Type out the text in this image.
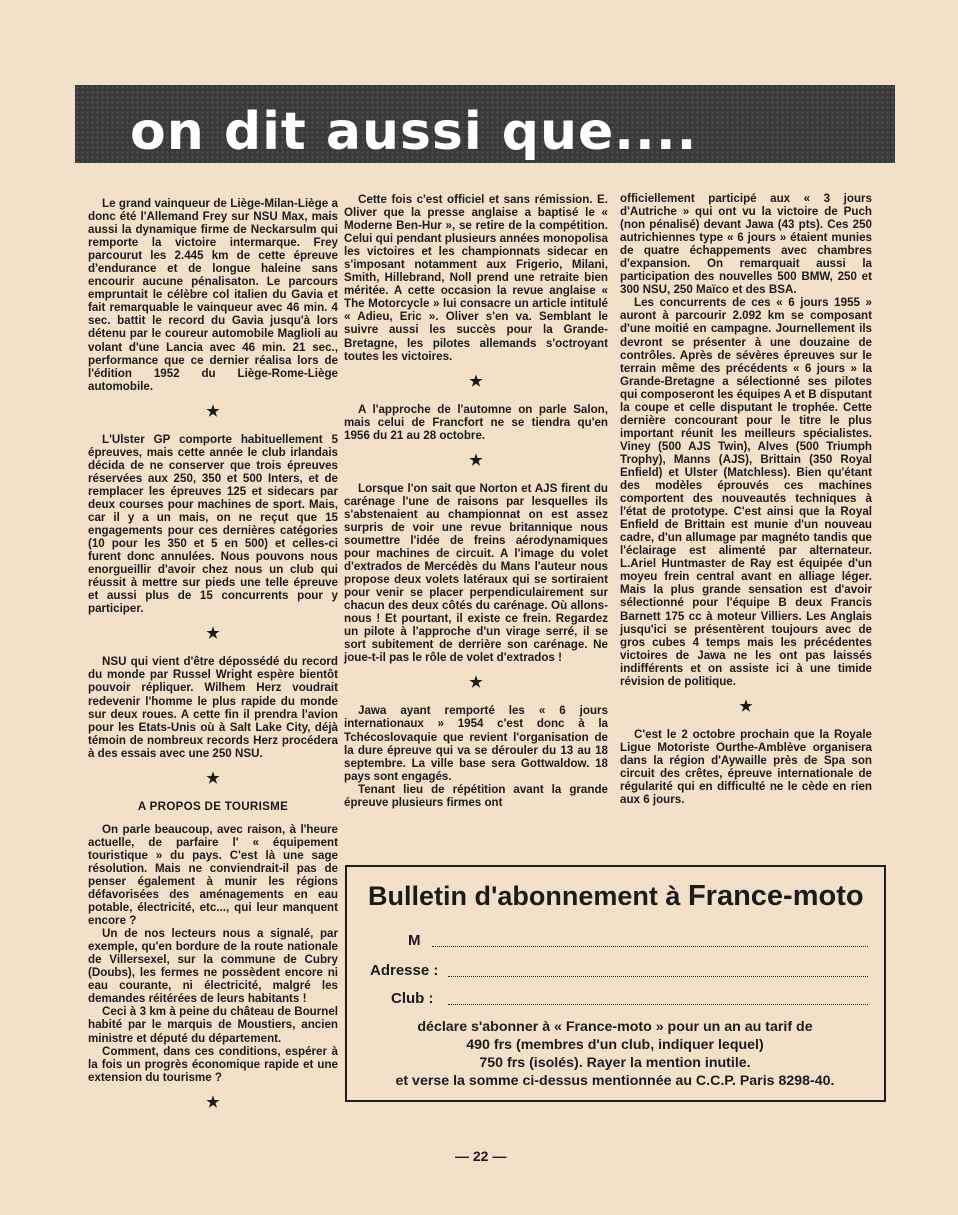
on dit aussi que....

Le grand vainqueur de Liège-Milan-Liège a donc été l'Allemand Frey sur NSU Max, mais aussi la dynamique firme de Neckarsulm qui remporte la victoire intermarque. Frey parcourut les 2.445 km de cette épreuve d'endurance et de longue haleine sans encourir aucune pénalisaton. Le parcours empruntait le célèbre col italien du Gavia et fait remarquable le vainqueur avec 46 min. 4 sec. battit le record du Gavia jusqu'à lors détenu par le coureur automobile Maglioli au volant d'une Lancia avec 46 min. 21 sec., performance que ce dernier réalisa lors de l'édition 1952 du Liège-Rome-Liège automobile.

★

L'Ulster GP comporte habituellement 5 épreuves, mais cette année le club irlandais décida de ne conserver que trois épreuves réservées aux 250, 350 et 500 Inters, et de remplacer les épreuves 125 et sidecars par deux courses pour machines de sport. Mais, car il y a un mais, on ne reçut que 15 engagements pour ces dernières catégories (10 pour les 350 et 5 en 500) et celles-ci furent donc annulées. Nous pouvons nous enorgueillir d'avoir chez nous un club qui réussit à mettre sur pieds une telle épreuve et aussi plus de 15 concurrents pour y participer.

★

NSU qui vient d'être dépossédé du record du monde par Russel Wright espère bientôt pouvoir répliquer. Wilhem Herz voudrait redevenir l'homme le plus rapide du monde sur deux roues. A cette fin il prendra l'avion pour les Etats-Unis où à Salt Lake City, déjà témoin de nombreux records Herz procédera à des essais avec une 250 NSU.

★
A PROPOS DE TOURISME

On parle beaucoup, avec raison, à l'heure actuelle, de parfaire l' « équipement touristique » du pays. C'est là une sage résolution. Mais ne conviendrait-il pas de penser également à munir les régions défavorisées des aménagements en eau potable, électricité, etc..., qui leur manquent encore ?

Un de nos lecteurs nous a signalé, par exemple, qu'en bordure de la route nationale de Villersexel, sur la commune de Cubry (Doubs), les fermes ne possèdent encore ni eau courante, ni électricité, malgré les demandes réitérées de leurs habitants !

Ceci à 3 km à peine du château de Bournel habité par le marquis de Moustiers, ancien ministre et député du département.

Comment, dans ces conditions, espérer à la fois un progrès économique rapide et une extension du tourisme ?

★

Cette fois c'est officiel et sans rémission. E. Oliver que la presse anglaise a baptisé le « Moderne Ben-Hur », se retire de la compétition. Celui qui pendant plusieurs années monopolisa les victoires et les championnats sidecar en s'imposant notamment aux Frigerio, Milani, Smith, Hillebrand, Noll prend une retraite bien méritée. A cette occasion la revue anglaise « The Motorcycle » lui consacre un article intitulé « Adieu, Eric ». Oliver s'en va. Semblant le suivre aussi les succès pour la Grande-Bretagne, les pilotes allemands s'octroyant toutes les victoires.

★

A l'approche de l'automne on parle Salon, mais celui de Francfort ne se tiendra qu'en 1956 du 21 au 28 octobre.

★

Lorsque l'on sait que Norton et AJS firent du carénage l'une de raisons par lesquelles ils s'abstenaient au championnat on est assez surpris de voir une revue britannique nous soumettre l'idée de freins aérodynamiques pour machines de circuit. A l'image du volet d'extrados de Mercédès du Mans l'auteur nous propose deux volets latéraux qui se sortiraient pour venir se placer perpendiculairement sur chacun des deux côtés du carénage. Où allons-nous ! Et pourtant, il existe ce frein. Regardez un pilote à l'approche d'un virage serré, il se sort subitement de derrière son carénage. Ne joue-t-il pas le rôle de volet d'extrados !

★

Jawa ayant remporté les « 6 jours internationaux » 1954 c'est donc à la Tchécoslovaquie que revient l'organisation de la dure épreuve qui va se dérouler du 13 au 18 septembre. La ville base sera Gottwaldow. 18 pays sont engagés.

Tenant lieu de répétition avant la grande épreuve plusieurs firmes ont

officiellement participé aux « 3 jours d'Autriche » qui ont vu la victoire de Puch (non pénalisé) devant Jawa (43 pts). Ces 250 autrichiennes type « 6 jours » étaient munies de quatre échappements avec chambres d'expansion. On remarquait aussi la participation des nouvelles 500 BMW, 250 et 300 NSU, 250 Maïco et des BSA.

Les concurrents de ces « 6 jours 1955 » auront à parcourir 2.092 km se composant d'une moitié en campagne. Journellement ils devront se présenter à une douzaine de contrôles. Après de sévères épreuves sur le terrain même des précédents « 6 jours » la Grande-Bretagne a sélectionné ses pilotes qui composeront les équipes A et B disputant la coupe et celle disputant le trophée. Cette dernière concourant pour le titre le plus important réunit les meilleurs spécialistes. Viney (500 AJS Twin), Alves (500 Triumph Trophy), Manns (AJS), Brittain (350 Royal Enfield) et Ulster (Matchless). Bien qu'étant des modèles éprouvés ces machines comportent des nouveautés techniques à l'état de prototype. C'est ainsi que la Royal Enfield de Brittain est munie d'un nouveau cadre, d'un allumage par magnéto tandis que l'éclairage est alimenté par alternateur. L.Ariel Huntmaster de Ray est équipée d'un moyeu frein central avant en alliage léger. Mais la plus grande sensation est d'avoir sélectionné pour l'équipe B deux Francis Barnett 175 cc à moteur Villiers. Les Anglais jusqu'ici se présentèrent toujours avec de gros cubes 4 temps mais les précédentes victoires de Jawa ne les ont pas laissés indifférents et on assiste ici à une timide révision de politique.

★

C'est le 2 octobre prochain que la Royale Ligue Motoriste Ourthe-Amblève organisera dans la région d'Aywaille près de Spa son circuit des crêtes, épreuve internationale de régularité qui en difficulté ne le cède en rien aux 6 jours.

Bulletin d'abonnement à France-moto
M
Adresse :
Club :
déclare s'abonner à « France-moto » pour un an au tarif de
490 frs (membres d'un club, indiquer lequel)
750 frs (isolés). Rayer la mention inutile.
et verse la somme ci-dessus mentionnée au C.C.P. Paris 8298-40.
— 22 —
